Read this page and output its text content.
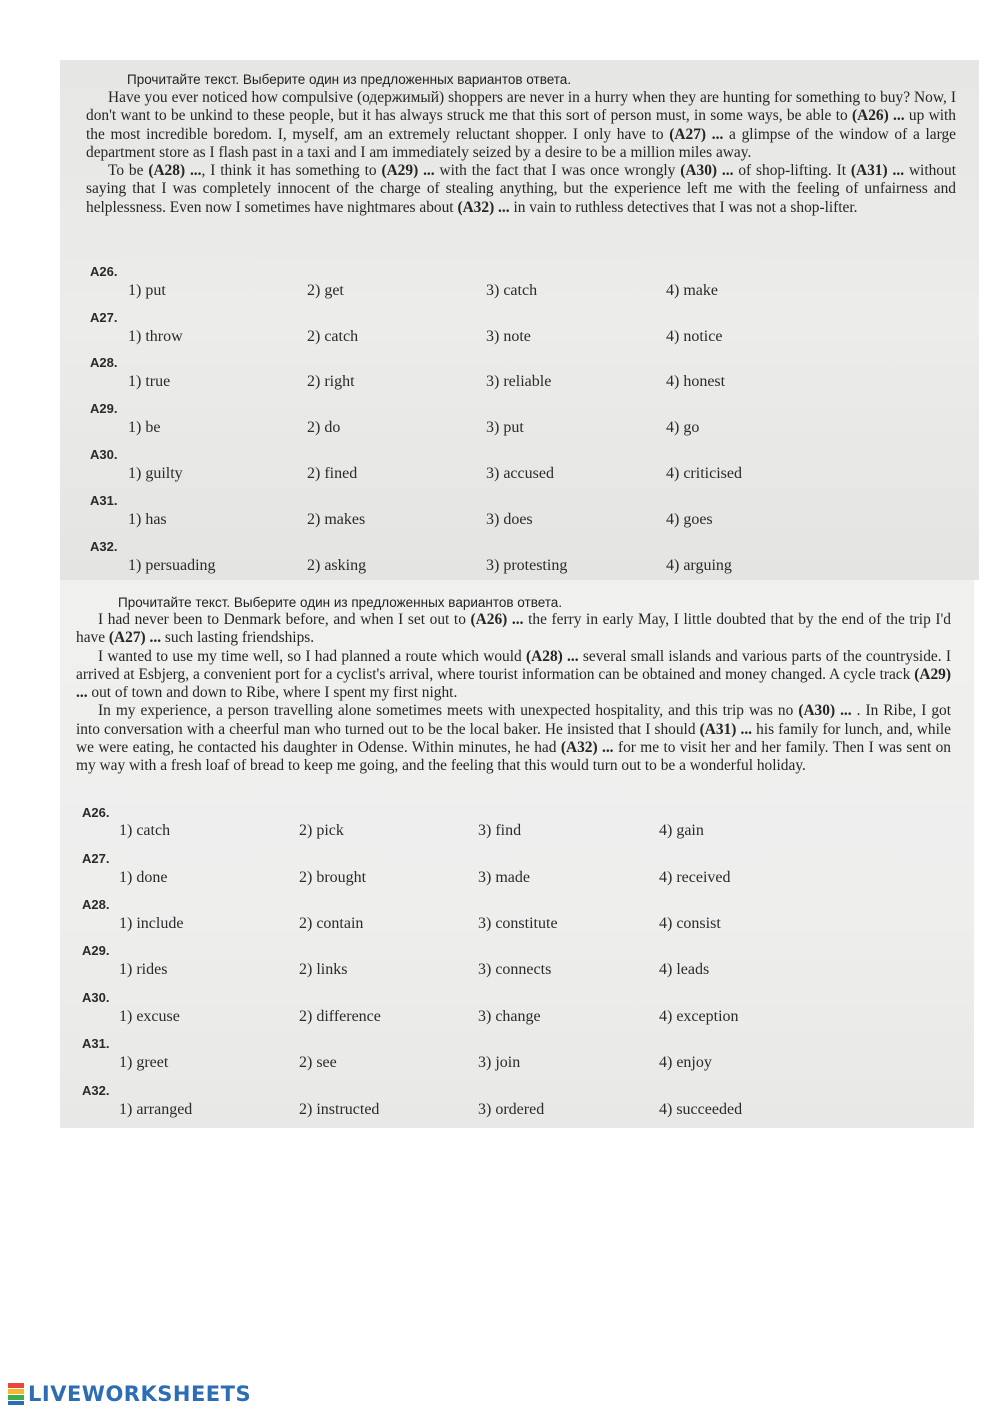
Прочитайте текст. Выберите один из предложенных вариантов ответа.

Have you ever noticed how compulsive (одержимый) shoppers are never in a hurry when they are hunting for something to buy? Now, I don't want to be unkind to these people, but it has always struck me that this sort of person must, in some ways, be able to (A26) ... up with the most incredible boredom. I, myself, am an extremely reluctant shopper. I only have to (A27) ... a glimpse of the window of a large department store as I flash past in a taxi and I am immediately seized by a desire to be a million miles away.

To be (A28) ..., I think it has something to (A29) ... with the fact that I was once wrongly (A30) ... of shop-lifting. It (A31) ... without saying that I was completely innocent of the charge of stealing anything, but the experience left me with the feeling of unfairness and helplessness. Even now I sometimes have nightmares about (A32) ... in vain to ruthless detectives that I was not a shop-lifter.

A26.
1) put	2) get	3) catch	4) make
A27.
1) throw	2) catch	3) note	4) notice
A28.
1) true	2) right	3) reliable	4) honest
A29.
1) be	2) do	3) put	4) go
A30.
1) guilty	2) fined	3) accused	4) criticised
A31.
1) has	2) makes	3) does	4) goes
A32.
1) persuading	2) asking	3) protesting	4) arguing
Прочитайте текст. Выберите один из предложенных вариантов ответа.

I had never been to Denmark before, and when I set out to (A26) ... the ferry in early May, I little doubted that by the end of the trip I'd have (A27) ... such lasting friendships.

I wanted to use my time well, so I had planned a route which would (A28) ... several small islands and various parts of the countryside. I arrived at Esbjerg, a convenient port for a cyclist's arrival, where tourist information can be obtained and money changed. A cycle track (A29) ... out of town and down to Ribe, where I spent my first night.

In my experience, a person travelling alone sometimes meets with unexpected hospitality, and this trip was no (A30) ... . In Ribe, I got into conversation with a cheerful man who turned out to be the local baker. He insisted that I should (A31) ... his family for lunch, and, while we were eating, he contacted his daughter in Odense. Within minutes, he had (A32) ... for me to visit her and her family. Then I was sent on my way with a fresh loaf of bread to keep me going, and the feeling that this would turn out to be a wonderful holiday.

A26.
1) catch	2) pick	3) find	4) gain
A27.
1) done	2) brought	3) made	4) received
A28.
1) include	2) contain	3) constitute	4) consist
A29.
1) rides	2) links	3) connects	4) leads
A30.
1) excuse	2) difference	3) change	4) exception
A31.
1) greet	2) see	3) join	4) enjoy
A32.
1) arranged	2) instructed	3) ordered	4) succeeded
LIVEWORKSHEETS
